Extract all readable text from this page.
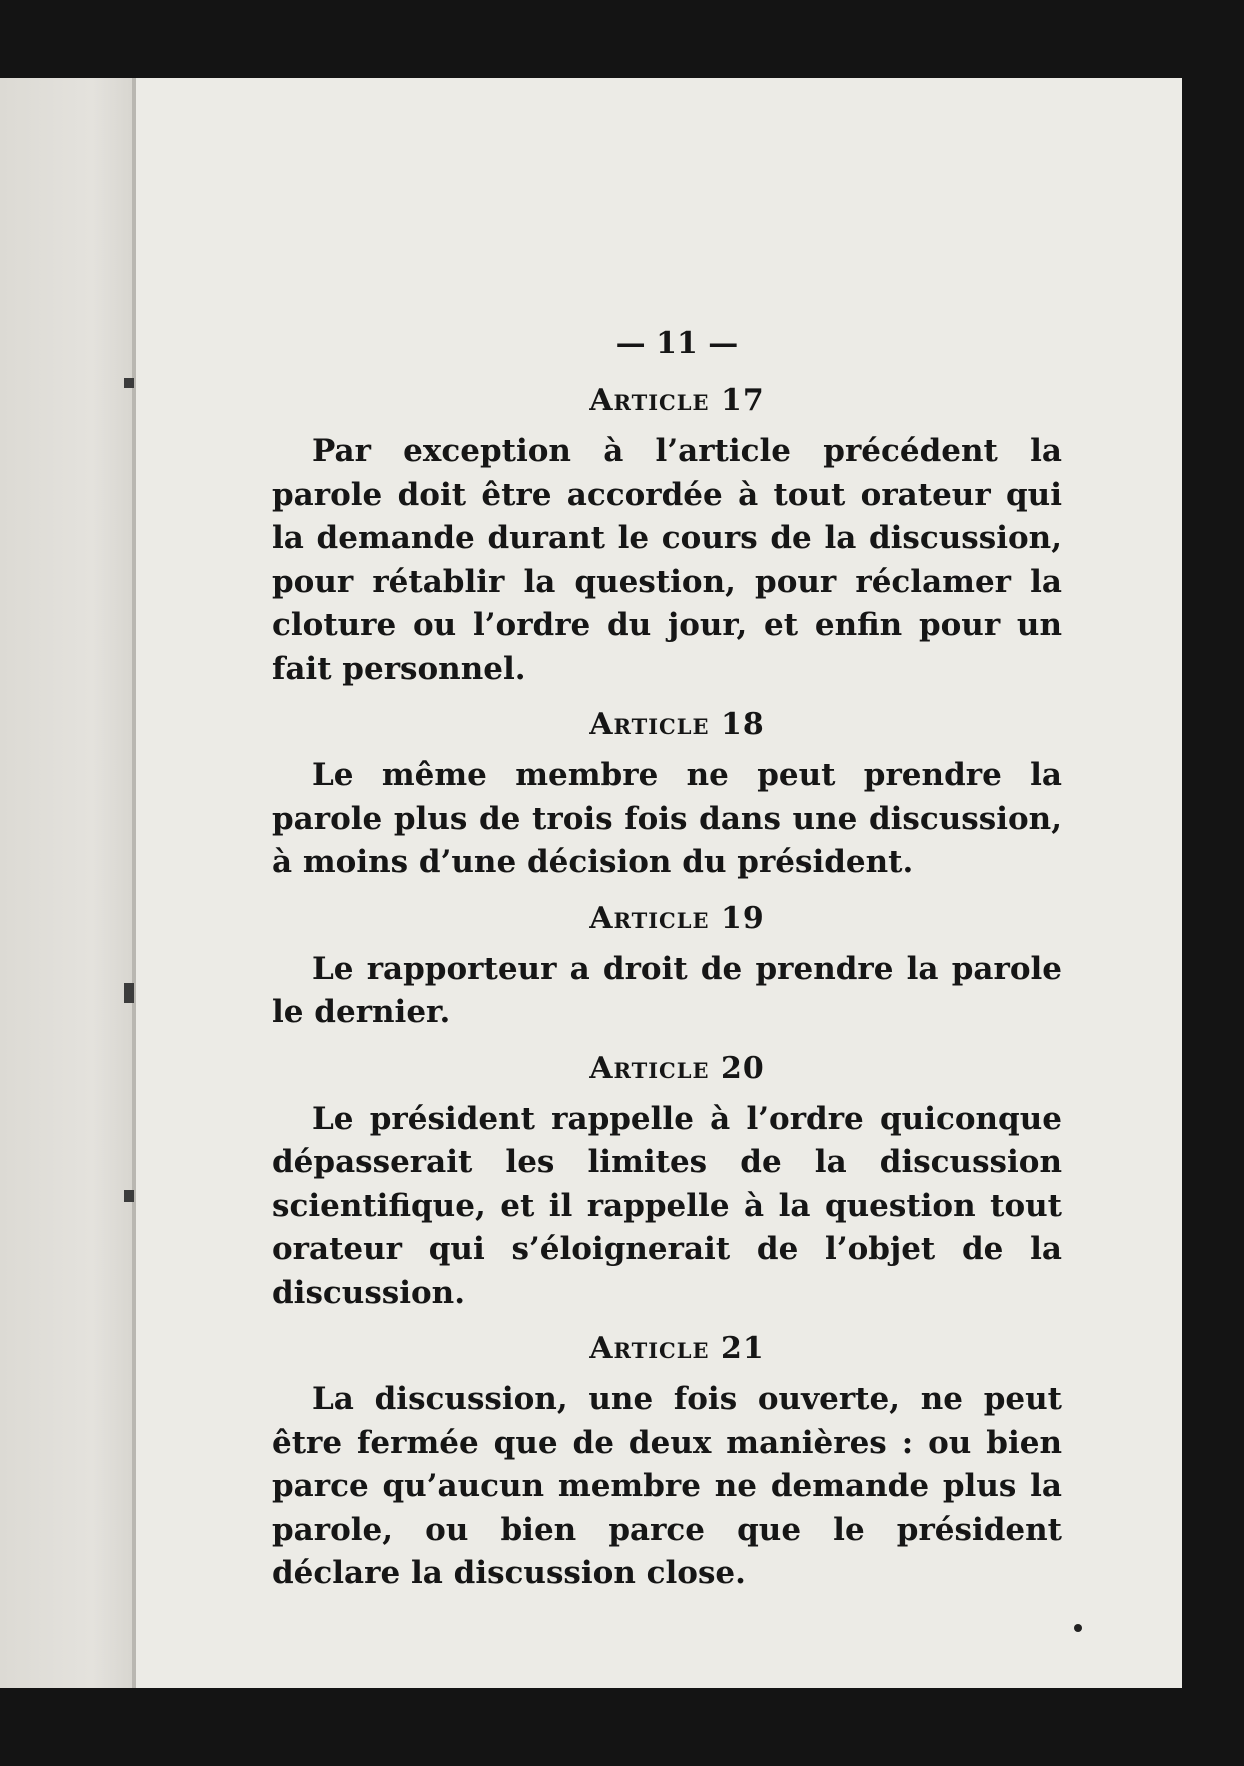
— 11 —
Article 17

Par exception à l’article précédent la parole doit être accordée à tout orateur qui la demande durant le cours de la discussion, pour rétablir la question, pour réclamer la cloture ou l’ordre du jour, et enfin pour un fait personnel.

Article 18

Le même membre ne peut prendre la parole plus de trois fois dans une discussion, à moins d’une décision du président.

Article 19

Le rapporteur a droit de prendre la parole le dernier.

Article 20

Le président rappelle à l’ordre quiconque dépasserait les limites de la discussion scientifique, et il rappelle à la question tout orateur qui s’éloignerait de l’objet de la discussion.

Article 21

La discussion, une fois ouverte, ne peut être fermée que de deux manières : ou bien parce qu’aucun membre ne demande plus la parole, ou bien parce que le président déclare la discussion close.
